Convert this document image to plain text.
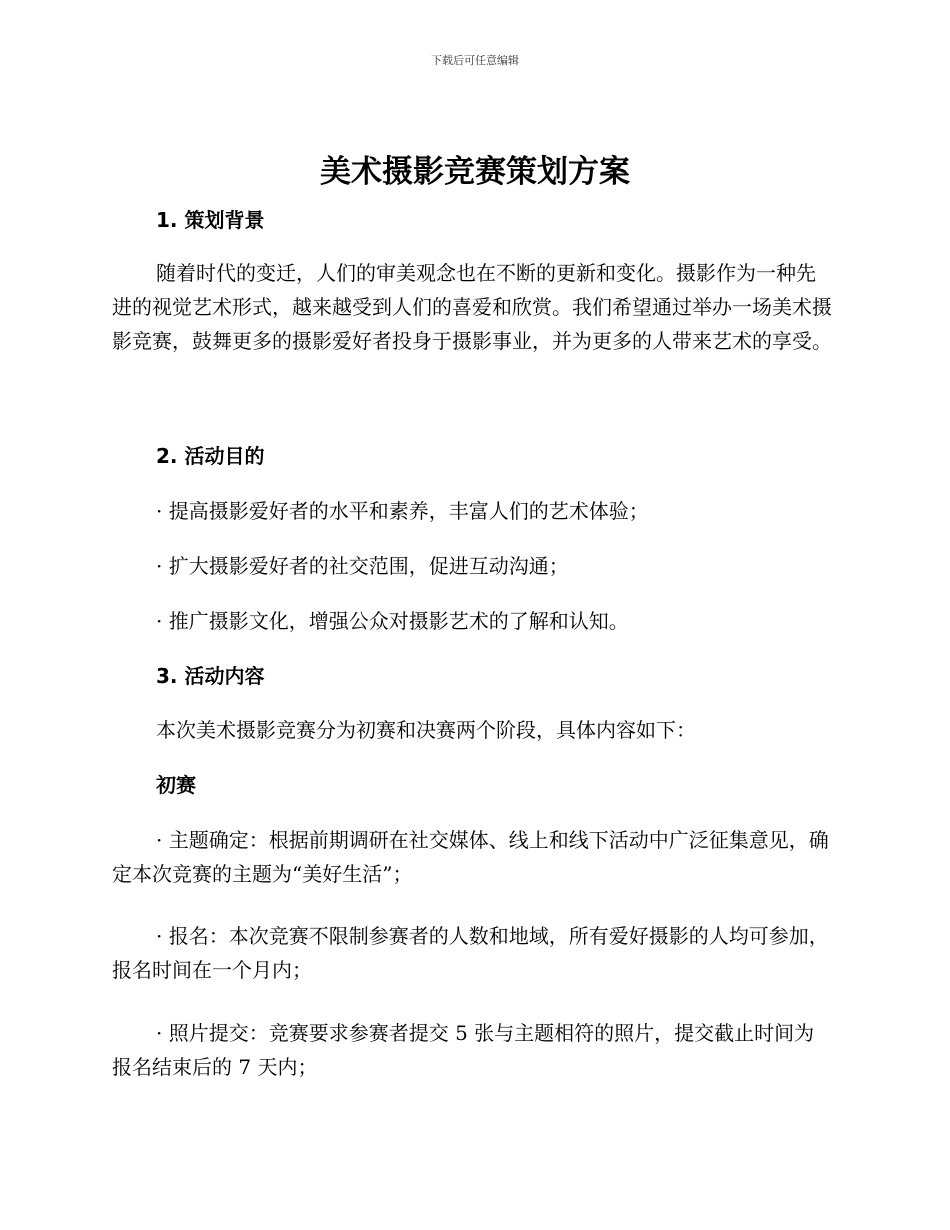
下载后可任意编辑
美术摄影竞赛策划方案
1. 策划背景

随着时代的变迁，人们的审美观念也在不断的更新和变化。摄影作为一种先进的视觉艺术形式，越来越受到人们的喜爱和欣赏。我们希望通过举办一场美术摄影竞赛，鼓舞更多的摄影爱好者投身于摄影事业，并为更多的人带来艺术的享受。

2. 活动目的

· 提高摄影爱好者的水平和素养，丰富人们的艺术体验；

· 扩大摄影爱好者的社交范围，促进互动沟通；

· 推广摄影文化，增强公众对摄影艺术的了解和认知。

3. 活动内容

本次美术摄影竞赛分为初赛和决赛两个阶段，具体内容如下：

初赛

· 主题确定：根据前期调研在社交媒体、线上和线下活动中广泛征集意见，确定本次竞赛的主题为“美好生活”；

· 报名：本次竞赛不限制参赛者的人数和地域，所有爱好摄影的人均可参加，报名时间在一个月内；

· 照片提交：竞赛要求参赛者提交 5 张与主题相符的照片，提交截止时间为报名结束后的 7 天内；
